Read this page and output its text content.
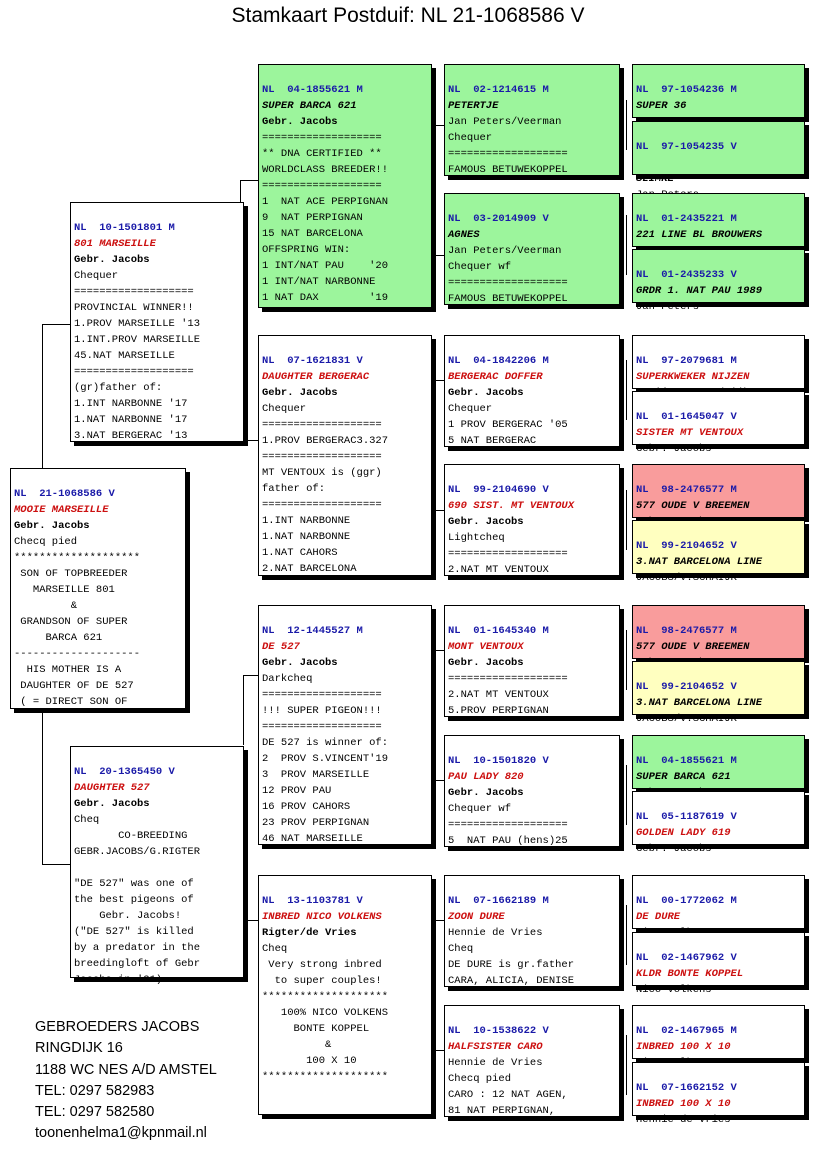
Stamkaart Postduif: NL 21-1068586 V

NL  21-1068586 V
MOOIE MARSEILLE
Gebr. Jacobs
Checq pied
********************
SON OF TOPBREEDER
MARSEILLE 801
&
GRANDSON OF SUPER
BARCA 621
--------------------
HIS MOTHER IS A
DAUGHTER OF DE 527
( = DIRECT SON OF

NL  10-1501801 M
801 MARSEILLE
Gebr. Jacobs
Chequer
===================
PROVINCIAL WINNER!!
1.PROV MARSEILLE '13
1.INT.PROV MARSEILLE
45.NAT MARSEILLE
===================
(gr)father of:
1.INT NARBONNE '17
1.NAT NARBONNE '17
3.NAT BERGERAC '13

NL  20-1365450 V
DAUGHTER 527
Gebr. Jacobs
Cheq
CO-BREEDING
GEBR.JACOBS/G.RIGTER

"DE 527" was one of
the best pigeons of
Gebr. Jacobs!
("DE 527" is killed
by a predator in the
breedingloft of Gebr
Jacobs in '21)

NL  04-1855621 M
SUPER BARCA 621
Gebr. Jacobs
===================
** DNA CERTIFIED **
WORLDCLASS BREEDER!!
===================
1  NAT ACE PERPIGNAN
9  NAT PERPIGNAN
15 NAT BARCELONA
OFFSPRING WIN:
1 INT/NAT PAU    '20
1 INT/NAT NARBONNE
1 NAT DAX        '19

NL  07-1621831 V
DAUGHTER BERGERAC
Gebr. Jacobs
Chequer
===================
1.PROV BERGERAC3.327
===================
MT VENTOUX is (ggr)
father of:
===================
1.INT NARBONNE
1.NAT NARBONNE
1.NAT CAHORS
2.NAT BARCELONA

NL  12-1445527 M
DE 527
Gebr. Jacobs
Darkcheq
===================
!!! SUPER PIGEON!!!
===================
DE 527 is winner of:
2  PROV S.VINCENT'19
3  PROV MARSEILLE
12 PROV PAU
16 PROV CAHORS
23 PROV PERPIGNAN
46 NAT MARSEILLE

NL  13-1103781 V
INBRED NICO VOLKENS
Rigter/de Vries
Cheq
Very strong inbred
to super couples!
********************
100% NICO VOLKENS
BONTE KOPPEL
&
100 X 10
********************

NL  02-1214615 M
PETERTJE
Jan Peters/Veerman
Chequer
===================
FAMOUS BETUWEKOPPEL

NL  03-2014909 V
AGNES
Jan Peters/Veerman
Chequer wf
===================
FAMOUS BETUWEKOPPEL

NL  04-1842206 M
BERGERAC DOFFER
Gebr. Jacobs
Chequer
1 PROV BERGERAC '05
5 NAT BERGERAC

NL  99-2104690 V
690 SIST. MT VENTOUX
Gebr. Jacobs
Lightcheq
===================
2.NAT MT VENTOUX

NL  01-1645340 M
MONT VENTOUX
Gebr. Jacobs
===================
2.NAT MT VENTOUX
5.PROV PERPIGNAN

NL  10-1501820 V
PAU LADY 820
Gebr. Jacobs
Chequer wf
===================
5  NAT PAU (hens)25

NL  07-1662189 M
ZOON DURE
Hennie de Vries
Cheq
DE DURE is gr.father
CARA, ALICIA, DENISE

NL  10-1538622 V
HALFSISTER CARO
Hennie de Vries
Checq pied
CARO : 12 NAT AGEN,
81 NAT PERPIGNAN,

NL  97-1054236 M
SUPER 36

NL  97-1054235 V

SLIMKE

NL  01-2435221 M
221 LINE BL BROUWERS

NL  01-2435233 V
GRDR 1. NAT PAU 1989
Jan Peters

NL  97-2079681 M
SUPERKWEKER NIJZEN

NL  01-1645047 V
SISTER MT VENTOUX
Gebr. Jacobs

NL  98-2476577 M
577 OUDE V BREEMEN

NL  99-2104652 V
3.NAT BARCELONA LINE
JACOBS/V.SCHAIJK

NL  98-2476577 M
577 OUDE V BREEMEN

NL  99-2104652 V
3.NAT BARCELONA LINE
JACOBS/V.SCHAIJK

NL  04-1855621 M
SUPER BARCA 621

NL  05-1187619 V
GOLDEN LADY 619
Gebr. Jacobs

NL  00-1772062 M
DE DURE

NL  02-1467962 V
KLDR BONTE KOPPEL
Nico Volkens

NL  02-1467965 M
INBRED 100 X 10

NL  07-1662152 V
INBRED 100 X 10
Hennie de Vries
GEBROEDERS JACOBS
RINGDIJK 16
1188 WC NES A/D AMSTEL
TEL: 0297 582983
TEL: 0297 582580
toonenhelma1@kpnmail.nl
